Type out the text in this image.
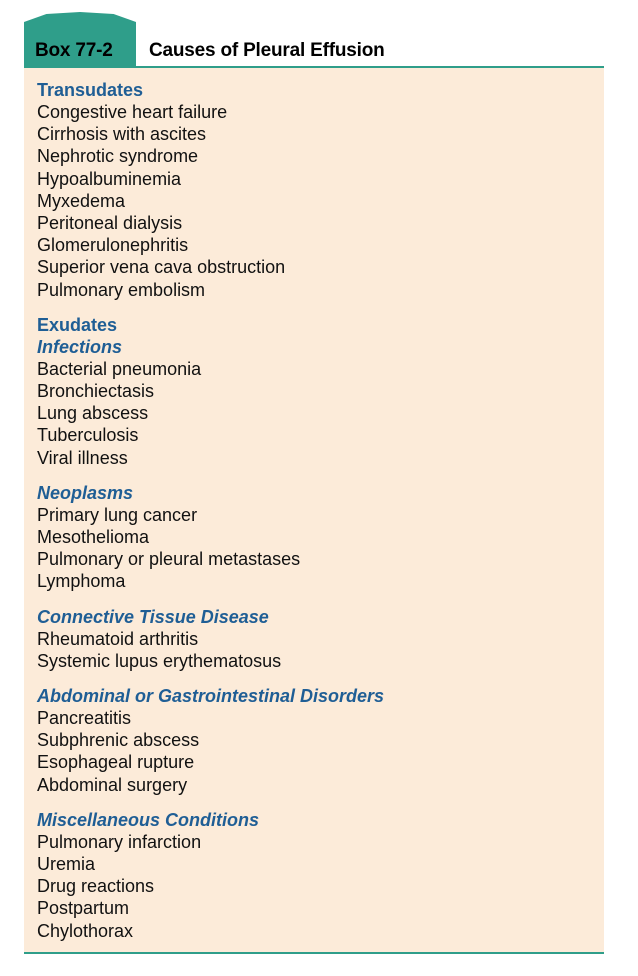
Box 77-2 Causes of Pleural Effusion
Transudates
Congestive heart failure
Cirrhosis with ascites
Nephrotic syndrome
Hypoalbuminemia
Myxedema
Peritoneal dialysis
Glomerulonephritis
Superior vena cava obstruction
Pulmonary embolism
Exudates
Infections
Bacterial pneumonia
Bronchiectasis
Lung abscess
Tuberculosis
Viral illness
Neoplasms
Primary lung cancer
Mesothelioma
Pulmonary or pleural metastases
Lymphoma
Connective Tissue Disease
Rheumatoid arthritis
Systemic lupus erythematosus
Abdominal or Gastrointestinal Disorders
Pancreatitis
Subphrenic abscess
Esophageal rupture
Abdominal surgery
Miscellaneous Conditions
Pulmonary infarction
Uremia
Drug reactions
Postpartum
Chylothorax
